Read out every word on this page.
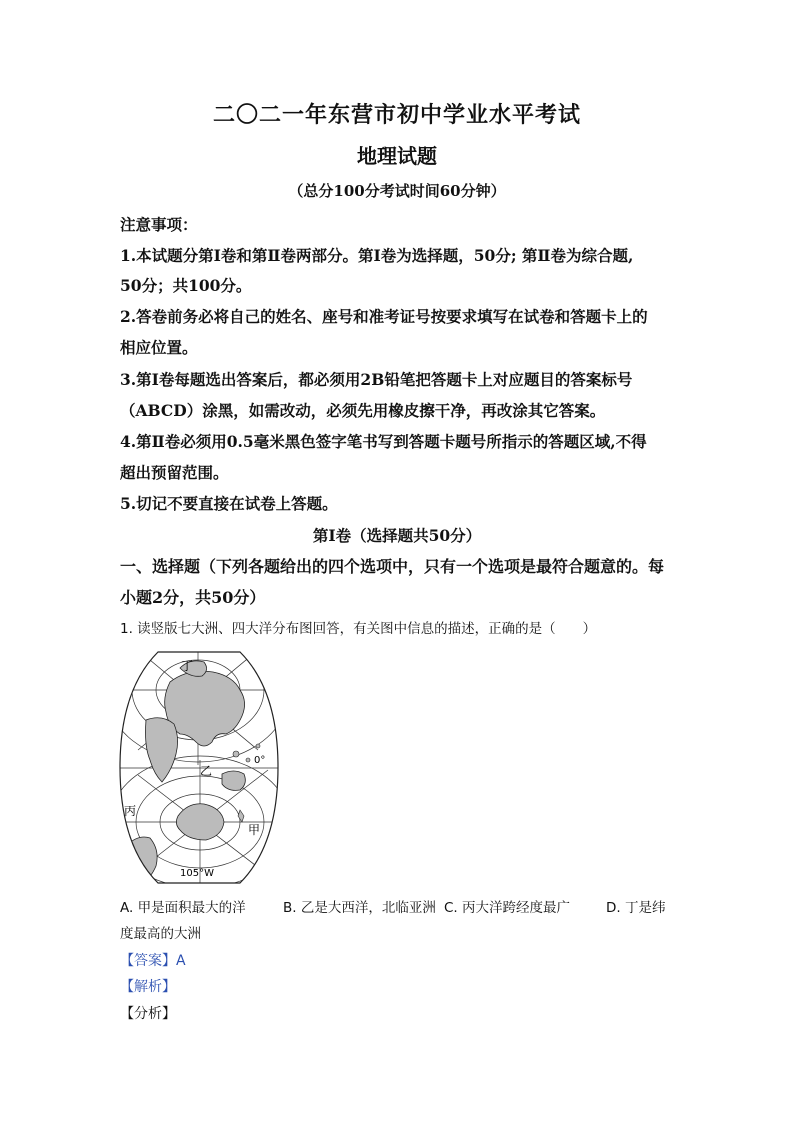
二〇二一年东营市初中学业水平考试
地理试题
（总分100分考试时间60分钟）
注意事项：
1.本试题分第Ⅰ卷和第Ⅱ卷两部分。第Ⅰ卷为选择题，50分; 第Ⅱ卷为综合题,
50分；共100分。
2.答卷前务必将自己的姓名、座号和准考证号按要求填写在试卷和答题卡上的
相应位置。
3.第Ⅰ卷每题选出答案后，都必须用2B铅笔把答题卡上对应题目的答案标号
（ABCD）涂黑，如需改动，必须先用橡皮擦干净，再改涂其它答案。
4.第Ⅱ卷必须用0.5毫米黑色签字笔书写到答题卡题号所指示的答题区域,不得
超出预留范围。
5.切记不要直接在试卷上答题。
第Ⅰ卷（选择题共50分）
一、选择题（下列各题给出的四个选项中，只有一个选项是最符合题意的。每
小题2分，共50分）
1. 读竖版七大洲、四大洋分布图回答，有关图中信息的描述，正确的是（　　）
丁
乙
丙
甲
0°
105°W
A. 甲是面积最大的洋	B. 乙是大西洋，北临亚洲 C. 丙大洋跨经度最广	D. 丁是纬
度最高的大洲
【答案】A
【解析】
【分析】
